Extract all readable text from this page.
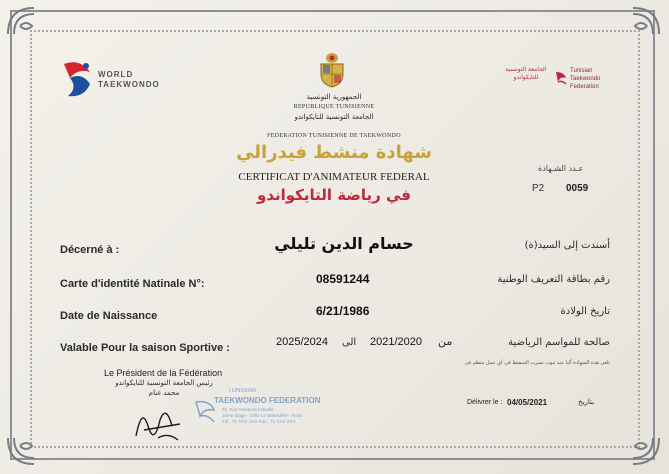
WORLD
TAEKWONDO
الجامعة التونسية للتايكواندو
Tunisian
Taekwondo
Federation
الجمهورية التونسية
REPUBLIQUE TUNISIENNE
الجامعة التونسية للتايكواندو
FEDERATION TUNISIENNE DE TAEKWONDO
شهادة منشط فيدرالي
CERTIFICAT D'ANIMATEUR FEDERAL
في رياضة التايكواندو
عـدد الشـهادة
P2 0059
Décerné à :	حسام الدين تليلي	أسندت إلى السيد(ة)
Carte d'identité Natinale N°:	08591244	رقم بطاقة التعريف الوطنية
Date de Naissance	6/21/1986	تاريخ الولادة
Valable Pour la saison Sportive :	2025/2024 الى 2021/2020 من	صالحة للمواسم الرياضية
تلغى هذه الشهادة آليا عند ثبوت تسرب المنشط في أي عمل منظم في
Le Président de la Fédération
رئيس الجامعة التونسية للتايكواندو
محمد غنام	TUNISIAN
TAEKWONDO FEDERATION
35, Rue Mohamed Moalla
2ème étage - 1002 Le Belvédère - Tunis
Tél : 71 XXX XXX Fax : 71 XXX XXX
Délivrer le : 04/05/2021	بتاريخ
